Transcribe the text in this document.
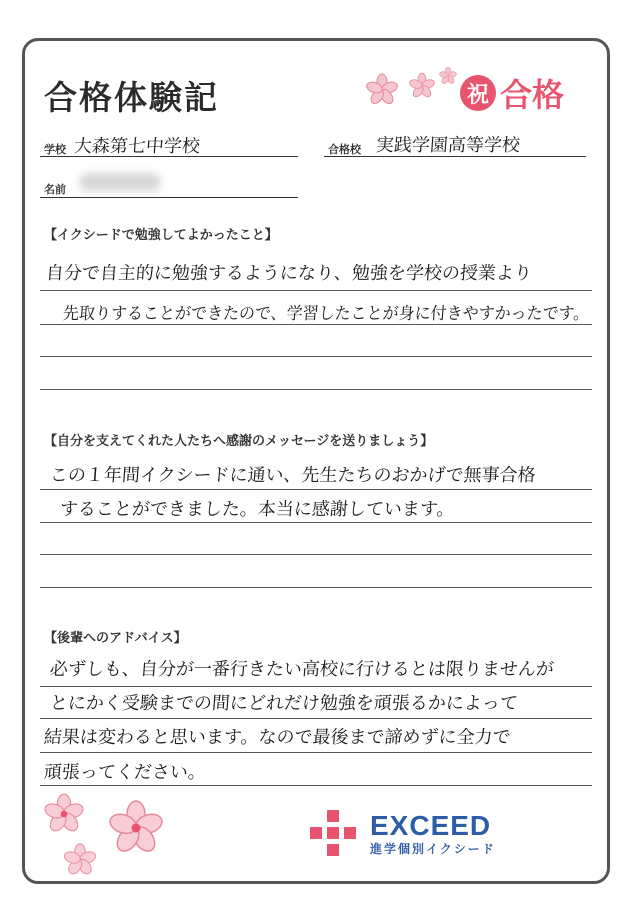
合格体験記	祝 合格
学校 大森第七中学校	合格校 実践学園高等学校
名前
【イクシードで勉強してよかったこと】
自分で自主的に勉強するようになり、勉強を学校の授業より
先取りすることができたので、学習したことが身に付きやすかったです。
【自分を支えてくれた人たちへ感謝のメッセージを送りましょう】
この１年間イクシードに通い、先生たちのおかげで無事合格
することができました。本当に感謝しています。
【後輩へのアドバイス】
必ずしも、自分が一番行きたい高校に行けるとは限りませんが
とにかく受験までの間にどれだけ勉強を頑張るかによって
結果は変わると思います。なので最後まで諦めずに全力で
頑張ってください。
EXCEED
進学個別イクシード
